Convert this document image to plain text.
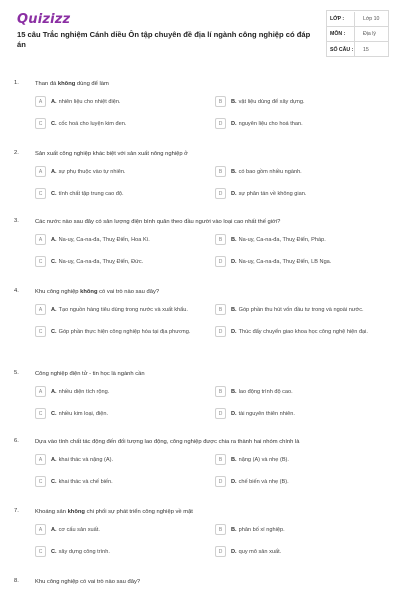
Quizizz
15 câu Trắc nghiệm Cánh diều Ôn tập chuyên đề địa lí ngành công nghiệp có đáp án
LỚP :	Lớp 10
MÔN :	Địa lý
SỐ CÂU :	15
1.	Than đá không dùng để làm
A	A. nhiên liệu cho nhiệt điện.	B	B. vật liệu dùng để xây dựng.
C	C. cốc hoá cho luyện kim đen.	D	D. nguyên liệu cho hoá than.
2.	Sản xuất công nghiệp khác biệt với sản xuất nông nghiệp ở
A	A. sự phụ thuộc vào tự nhiên.	B	B. có bao gồm nhiều ngành.
C	C. tính chất tập trung cao độ.	D	D. sự phân tán về không gian.
3.	Các nước nào sau đây có sản lượng điện bình quân theo đầu người vào loại cao nhất thế giới?
A	A. Na-uy, Ca-na-đa, Thuỵ Điển, Hoa Kì.	B	B. Na-uy, Ca-na-đa, Thuỵ Điển, Pháp.
C	C. Na-uy, Ca-na-đa, Thuỵ Điển, Đức.	D	D. Na-uy, Ca-na-đa, Thuỵ Điển, LB Nga.
4.	Khu công nghiệp không có vai trò nào sau đây?
A	A. Tạo nguồn hàng tiêu dùng trong nước và xuất khẩu.	B	B. Góp phần thu hút vốn đầu tư trong và ngoài nước.
C	C. Góp phần thực hiện công nghiệp hóa tại địa phương.	D	D. Thúc đẩy chuyển giao khoa học công nghệ hiện đại.
5.	Công nghiệp điện tử - tin học là ngành cần
A	A. nhiều diện tích rộng.	B	B. lao động trình độ cao.
C	C. nhiều kim loại, điện.	D	D. tài nguyên thiên nhiên.
6.	Dựa vào tính chất tác động đến đối tượng lao động, công nghiệp được chia ra thành hai nhóm chính là
A	A. khai thác và nặng (A).	B	B. nặng (A) và nhẹ (B).
C	C. khai thác và chế biến.	D	D. chế biến và nhẹ (B).
7.	Khoáng sản không chi phối sự phát triển công nghiệp về mặt
A	A. cơ cấu sản xuất.	B	B. phân bố xí nghiệp.
C	C. xây dựng công trình.	D	D. quy mô sản xuất.
8.	Khu công nghiệp có vai trò nào sau đây?
